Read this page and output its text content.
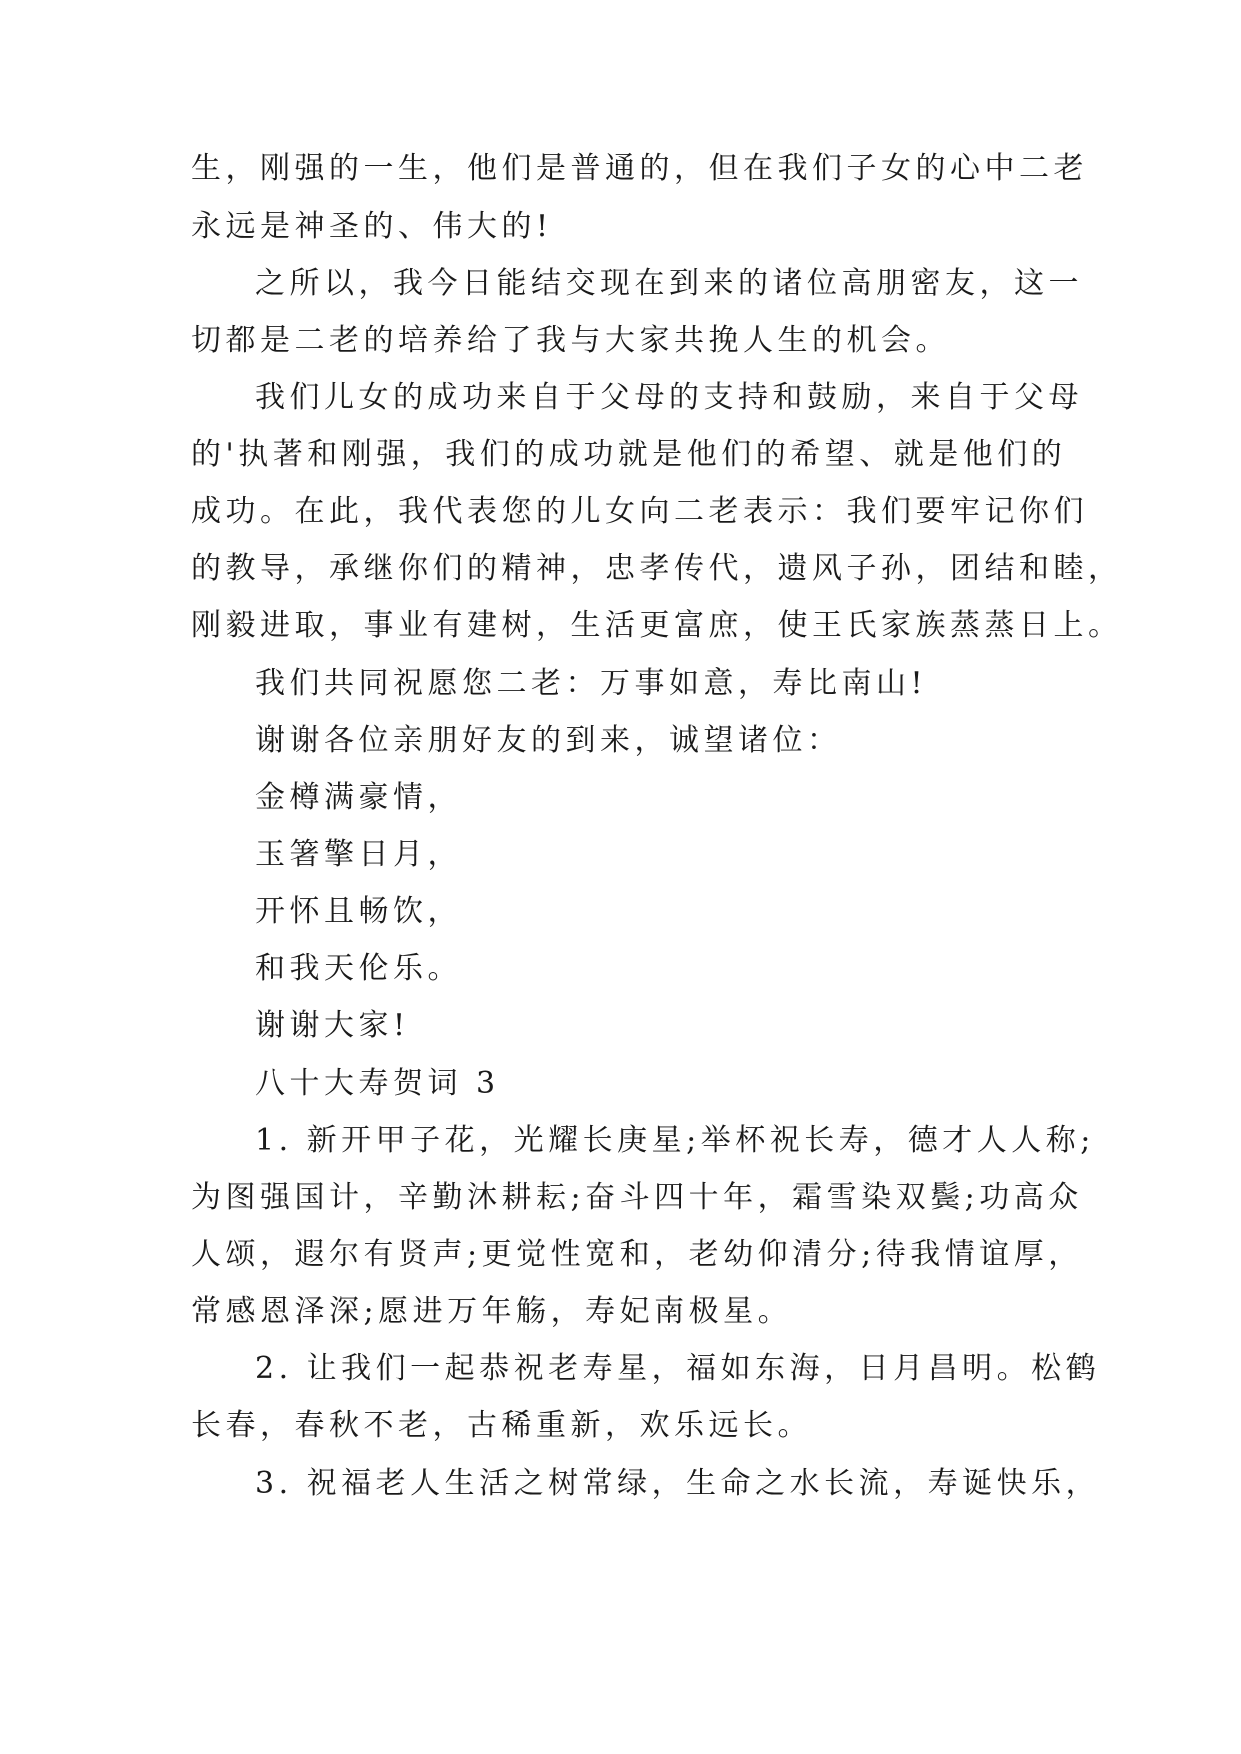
生，刚强的一生，他们是普通的，但在我们子女的心中二老
永远是神圣的、伟大的!
之所以，我今日能结交现在到来的诸位高朋密友，这一
切都是二老的培养给了我与大家共挽人生的机会。
我们儿女的成功来自于父母的支持和鼓励，来自于父母
的'执著和刚强，我们的成功就是他们的希望、就是他们的
成功。在此，我代表您的儿女向二老表示：我们要牢记你们
的教导，承继你们的精神，忠孝传代，遗风子孙，团结和睦，
刚毅进取，事业有建树，生活更富庶，使王氏家族蒸蒸日上。
我们共同祝愿您二老：万事如意，寿比南山!
谢谢各位亲朋好友的到来，诚望诸位：
金樽满豪情，
玉箸擎日月，
开怀且畅饮，
和我天伦乐。
谢谢大家!
八十大寿贺词 3
1. 新开甲子花，光耀长庚星;举杯祝长寿，德才人人称;
为图强国计，辛勤沐耕耘;奋斗四十年，霜雪染双鬓;功高众
人颂，遐尔有贤声;更觉性宽和，老幼仰清分;待我情谊厚，
常感恩泽深;愿进万年觞，寿妃南极星。
2. 让我们一起恭祝老寿星，福如东海，日月昌明。松鹤
长春，春秋不老，古稀重新，欢乐远长。
3. 祝福老人生活之树常绿，生命之水长流，寿诞快乐，
